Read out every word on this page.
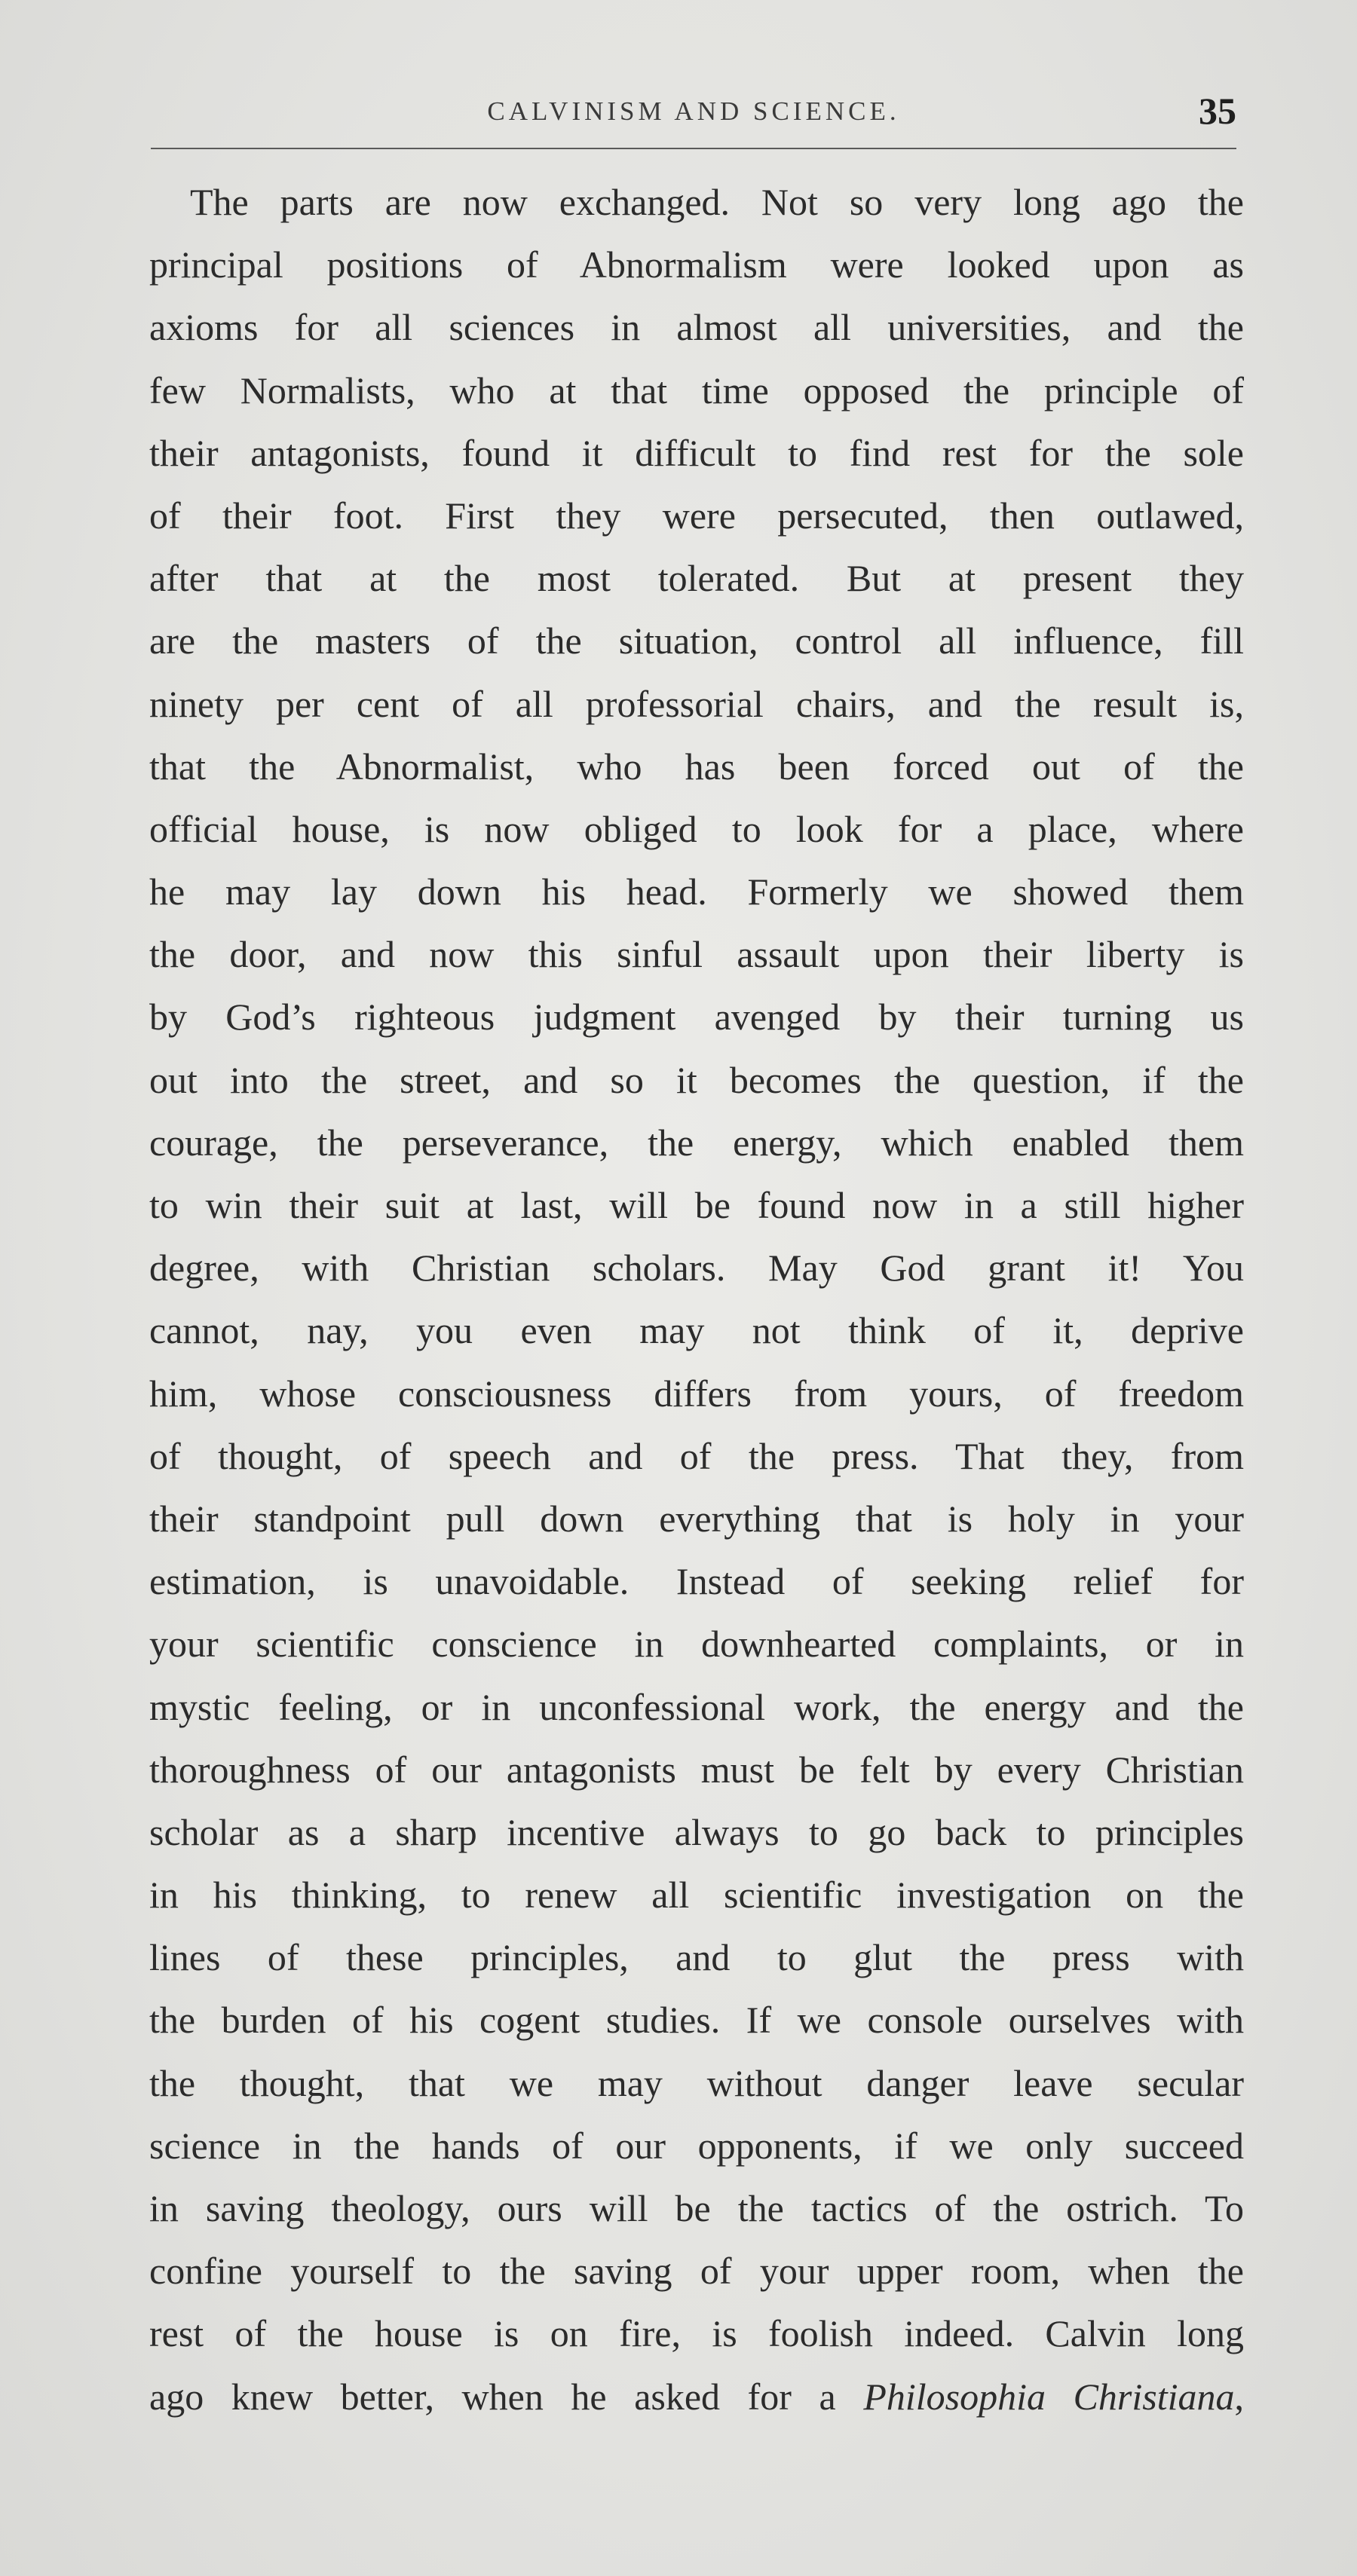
CALVINISM AND SCIENCE.	35
The parts are now exchanged. Not so very long ago the
principal positions of Abnormalism were looked upon as
axioms for all sciences in almost all universities, and the
few Normalists, who at that time opposed the principle of
their antagonists, found it difficult to find rest for the sole
of their foot. First they were persecuted, then outlawed,
after that at the most tolerated. But at present they
are the masters of the situation, control all influence, fill
ninety per cent of all professorial chairs, and the result is,
that the Abnormalist, who has been forced out of the
official house, is now obliged to look for a place, where
he may lay down his head. Formerly we showed them
the door, and now this sinful assault upon their liberty is
by God’s righteous judgment avenged by their turning us
out into the street, and so it becomes the question, if the
courage, the perseverance, the energy, which enabled them
to win their suit at last, will be found now in a still higher
degree, with Christian scholars. May God grant it! You
cannot, nay, you even may not think of it, deprive
him, whose consciousness differs from yours, of freedom
of thought, of speech and of the press. That they, from
their standpoint pull down everything that is holy in your
estimation, is unavoidable. Instead of seeking relief for
your scientific conscience in downhearted complaints, or in
mystic feeling, or in unconfessional work, the energy and the
thoroughness of our antagonists must be felt by every Christian
scholar as a sharp incentive always to go back to principles
in his thinking, to renew all scientific investigation on the
lines of these principles, and to glut the press with
the burden of his cogent studies. If we console ourselves with
the thought, that we may without danger leave secular
science in the hands of our opponents, if we only succeed
in saving theology, ours will be the tactics of the ostrich. To
confine yourself to the saving of your upper room, when the
rest of the house is on fire, is foolish indeed. Calvin long
ago knew better, when he asked for a Philosophia Christiana,
